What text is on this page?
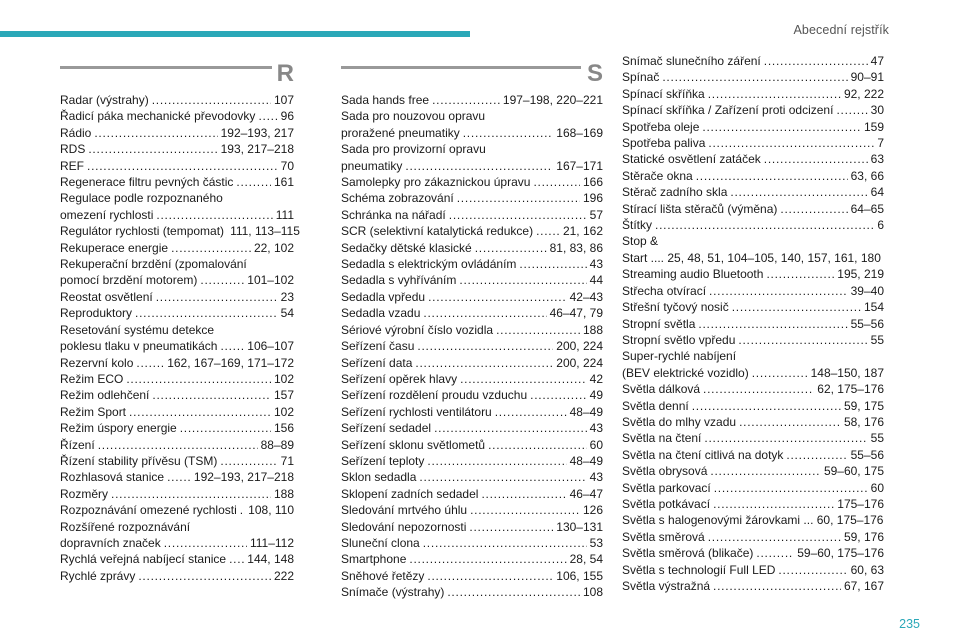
Abecední rejstřík
R
Radar (výstrahy) . . .	107
Řadicí páka mechanické převodovky . . . 96
Rádio . . .	192–193, 217
RDS . . .	193, 217–218
REF . . .	70
Regenerace filtru pevných částic . . .	161
Regulace podle rozpoznaného
omezení rychlosti . . .	111
Regulátor rychlosti (tempomat) 111, 113–115
Rekuperace energie . . .	22, 102
Rekuperační brzdění (zpomalování
pomocí brzdění motorem) . . .	101–102
Reostat osvětlení . . .	23
Reproduktory . . .	54
Resetování systému detekce
poklesu tlaku v pneumatikách . . . 106–107
Rezervní kolo . . .	162, 167–169, 171–172
Režim ECO . . .	102
Režim odlehčení . . .	157
Režim Sport . . .	102
Režim úspory energie . . .	156
Řízení . . .	88–89
Řízení stability přívěsu (TSM) . . .	71
Rozhlasová stanice . . . 192–193, 217–218
Rozměry . . .	188
Rozpoznávání omezené rychlosti . . . 108, 110
Rozšířené rozpoznávání
dopravních značek . . .	111–112
Rychlá veřejná nabíjecí stanice . . . 144, 148
Rychlé zprávy . . .	222
S
Sada hands free . . .	197–198, 220–221
Sada pro nouzovou opravu
proražené pneumatiky . . .	168–169
Sada pro provizorní opravu
pneumatiky . . .	167–171
Samolepky pro zákaznickou úpravu . . .	166
Schéma zobrazování . . .	196
Schránka na nářadí . . .	57
SCR (selektivní katalytická redukce) . . . 21, 162
Sedačky dětské klasické . . .	81, 83, 86
Sedadla s elektrickým ovládáním . . .	43
Sedadla s vyhříváním . . .	44
Sedadla vpředu . . .	42–43
Sedadla vzadu . . .	46–47, 79
Sériové výrobní číslo vozidla . . .	188
Seřízení času . . .	200, 224
Seřízení data . . .	200, 224
Seřízení opěrek hlavy . . .	42
Seřízení rozdělení proudu vzduchu . . .	49
Seřízení rychlosti ventilátoru . . .	48–49
Seřízení sedadel . . .	43
Seřízení sklonu světlometů . . .	60
Seřízení teploty . . .	48–49
Sklon sedadla . . .	43
Sklopení zadních sedadel . . .	46–47
Sledování mrtvého úhlu . . .	126
Sledování nepozornosti . . .	130–131
Sluneční clona . . .	53
Smartphone . . .	28, 54
Sněhové řetězy . . .	106, 155
Snímače (výstrahy) . . .	108
Snímač slunečního záření . . .	47
Spínač . . .	90–91
Spínací skříňka . . .	92, 222
Spínací skříňka / Zařízení proti odcizení . . .	30
Spotřeba oleje . . .	159
Spotřeba paliva . . .	7
Statické osvětlení zatáček . . .	63
Stěrače okna . . .	63, 66
Stěrač zadního skla . . .	64
Stírací lišta stěračů (výměna) . . .	64–65
Štítky . . .	6
Stop &
Start .... 25, 48, 51, 104–105, 140, 157, 161, 180
Streaming audio Bluetooth . . .	195, 219
Střecha otvírací . . .	39–40
Střešní tyčový nosič . . .	154
Stropní světla . . .	55–56
Stropní světlo vpředu . . .	55
Super-rychlé nabíjení
(BEV elektrické vozidlo) . . .	148–150, 187
Světla dálková . . .	62, 175–176
Světla denní . . .	59, 175
Světla do mlhy vzadu . . .	58, 176
Světla na čtení . . .	55
Světla na čtení citlivá na dotyk . . .	55–56
Světla obrysová . . .	59–60, 175
Světla parkovací . . .	60
Světla potkávací . . .	175–176
Světla s halogenovými žárovkami ... 60, 175–176
Světla směrová . . .	59, 176
Světla směrová (blikače) . . .	59–60, 175–176
Světla s technologií Full LED . . .	60, 63
Světla výstražná . . .	67, 167
235
